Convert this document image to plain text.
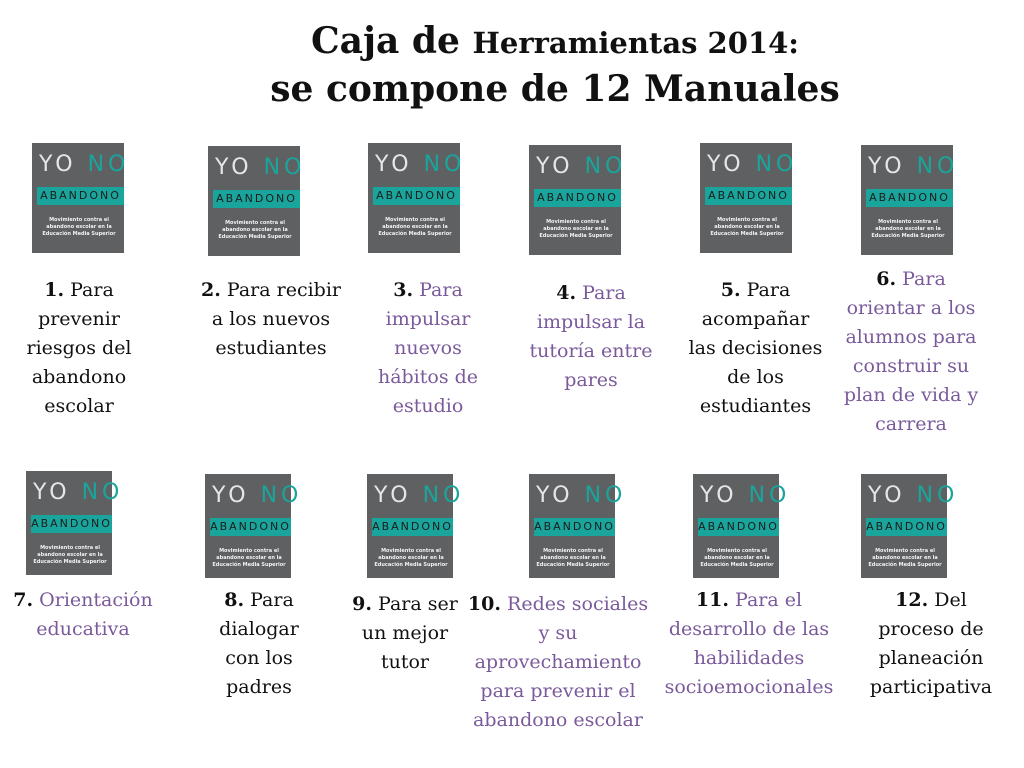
Caja de Herramientas 2014:
se compone de 12 Manuales
YO NO
ABANDONO
Movimiento contra el abandono escolar en la Educación Media Superior
YO NO
ABANDONO
Movimiento contra el abandono escolar en la Educación Media Superior
YO NO
ABANDONO
Movimiento contra el abandono escolar en la Educación Media Superior
YO NO
ABANDONO
Movimiento contra el abandono escolar en la Educación Media Superior
YO NO
ABANDONO
Movimiento contra el abandono escolar en la Educación Media Superior
YO NO
ABANDONO
Movimiento contra el abandono escolar en la Educación Media Superior
YO NO
ABANDONO
Movimiento contra el abandono escolar en la Educación Media Superior
YO NO
ABANDONO
Movimiento contra el abandono escolar en la Educación Media Superior
YO NO
ABANDONO
Movimiento contra el abandono escolar en la Educación Media Superior
YO NO
ABANDONO
Movimiento contra el abandono escolar en la Educación Media Superior
YO NO
ABANDONO
Movimiento contra el abandono escolar en la Educación Media Superior
YO NO
ABANDONO
Movimiento contra el abandono escolar en la Educación Media Superior
1. Para prevenir riesgos del abandono escolar
2. Para recibir a los nuevos estudiantes
3. Para impulsar nuevos hábitos de estudio
4. Para impulsar la tutoría entre pares
5. Para acompañar las decisiones de los estudiantes
6. Para orientar a los alumnos para construir su plan de vida y carrera
7. Orientación educativa
8. Para dialogar con los padres
9. Para ser un mejor tutor
10. Redes sociales y su aprovechamiento para prevenir el abandono escolar
11. Para el desarrollo de las habilidades socioemocionales
12. Del proceso de planeación participativa
